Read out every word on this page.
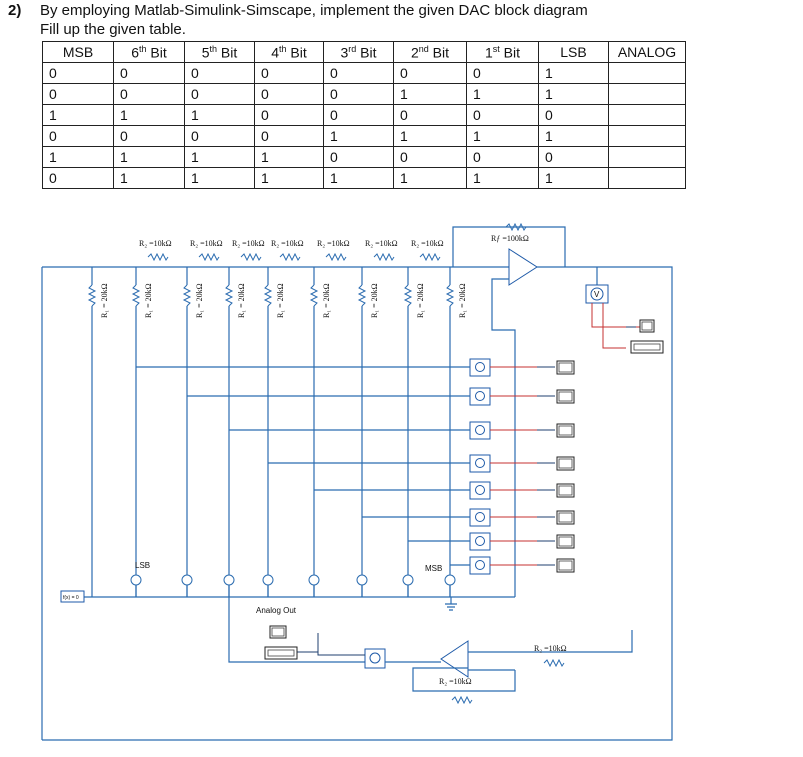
2) By employing Matlab-Simulink-Simscape, implement the given DAC block diagram
Fill up the given table.
MSB	6th Bit	5th Bit	4th Bit	3rd Bit	2nd Bit	1st Bit	LSB	ANALOG
0	0	0	0	0	0	0	1	
0	0	0	0	0	1	1	1	
1	1	1	0	0	0	0	0	
0	0	0	0	1	1	1	1	
1	1	1	1	0	0	0	0	
0	1	1	1	1	1	1	1	
R₁ = 20kΩ	R₁ = 20kΩ	R₁ = 20kΩ	R₁ = 20kΩ	R₁ = 20kΩ	R₁ = 20kΩ	R₁ = 20kΩ	R₁ = 20kΩ	R₁ = 20kΩ
R₂ =10kΩ R₂ =10kΩ R₂ =10kΩ R₂ =10kΩ R₂ =10kΩ R₂ =10kΩ R₂ =10kΩ
V
f(x) = 0
LSB	MSB
Analog Out
Rƒ =100kΩ
R₂ =10kΩ
R₂ =10kΩ
